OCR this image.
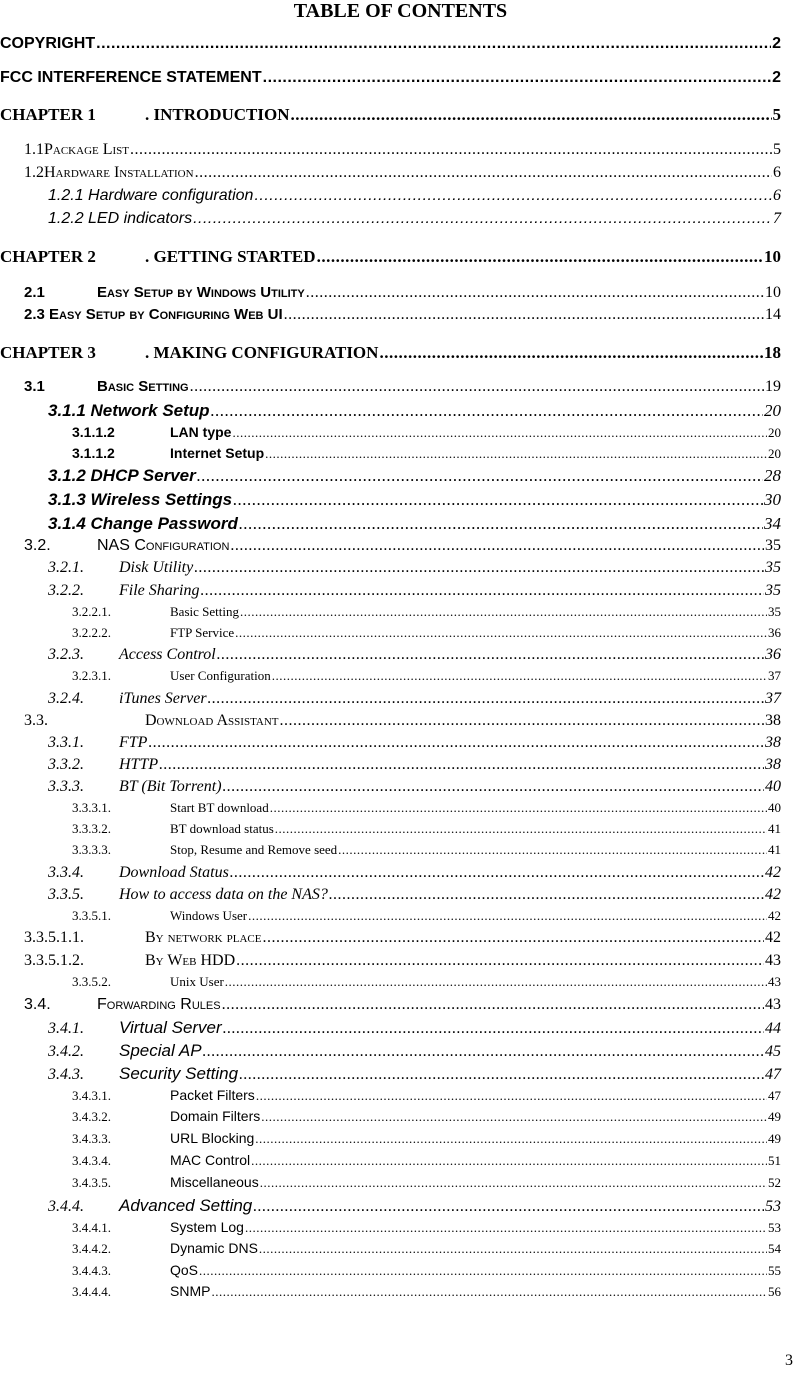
TABLE OF CONTENTS
COPYRIGHT .....	2
FCC INTERFERENCE STATEMENT .....	2
CHAPTER 1	. INTRODUCTION .....	5
1.1 Package List .....	5
1.2 Hardware Installation .....	6
1.2.1 Hardware configuration .....	6
1.2.2 LED indicators .....	7
CHAPTER 2	. GETTING STARTED .....	10
2.1	Easy Setup by Windows Utility .....	10
2.3 Easy Setup by Configuring Web UI .....	14
CHAPTER 3	. MAKING CONFIGURATION .....	18
3.1	Basic Setting .....	19
3.1.1 Network Setup .....	20
3.1.1.2	LAN type .....	20
3.1.1.2	Internet Setup .....	20
3.1.2 DHCP Server .....	28
3.1.3 Wireless Settings .....	30
3.1.4 Change Password .....	34
3.2.	NAS Configuration .....	35
3.2.1.	Disk Utility .....	35
3.2.2.	File Sharing .....	35
3.2.2.1.	Basic Setting .....	35
3.2.2.2.	FTP Service .....	36
3.2.3.	Access Control .....	36
3.2.3.1.	User Configuration .....	37
3.2.4.	iTunes Server .....	37
3.3.	Download Assistant .....	38
3.3.1.	FTP .....	38
3.3.2.	HTTP .....	38
3.3.3.	BT (Bit Torrent) .....	40
3.3.3.1.	Start BT download .....	40
3.3.3.2.	BT download status .....	41
3.3.3.3.	Stop, Resume and Remove seed .....	41
3.3.4.	Download Status .....	42
3.3.5.	How to access data on the NAS? .....	42
3.3.5.1.	Windows User .....	42
3.3.5.1.1.	By network place .....	42
3.3.5.1.2.	By Web HDD .....	43
3.3.5.2.	Unix User .....	43
3.4.	Forwarding Rules .....	43
3.4.1.	Virtual Server .....	44
3.4.2.	Special AP .....	45
3.4.3.	Security Setting .....	47
3.4.3.1.	Packet Filters .....	47
3.4.3.2.	Domain Filters .....	49
3.4.3.3.	URL Blocking .....	49
3.4.3.4.	MAC Control .....	51
3.4.3.5.	Miscellaneous .....	52
3.4.4.	Advanced Setting .....	53
3.4.4.1.	System Log .....	53
3.4.4.2.	Dynamic DNS .....	54
3.4.4.3.	QoS .....	55
3.4.4.4.	SNMP .....	56
3
